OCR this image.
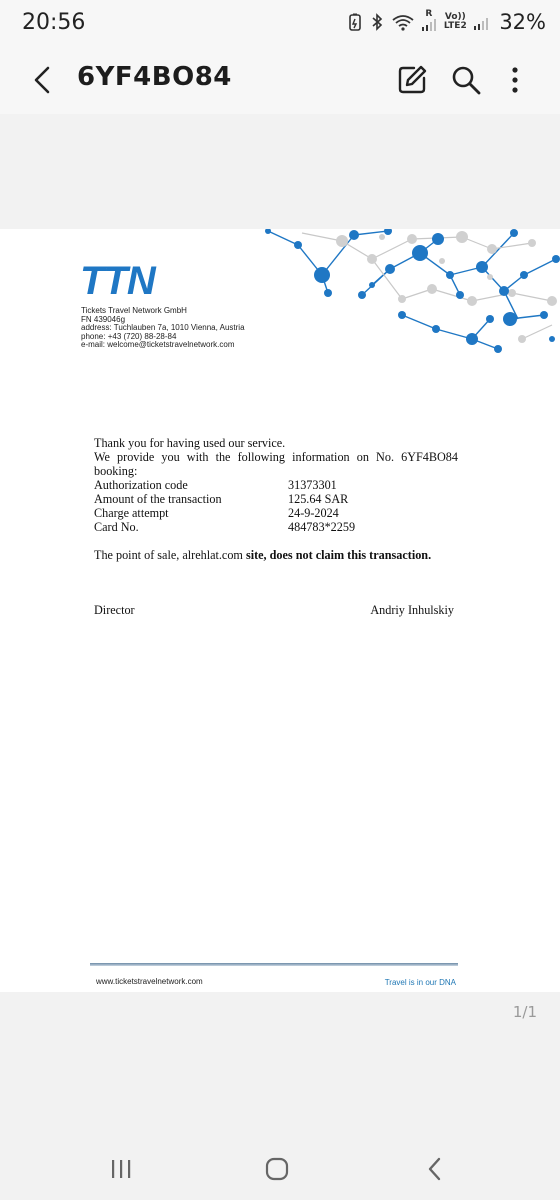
20:56	R Vo)) LTE2 32%
6YF4BO84
TTN
Tickets Travel Network GmbH
FN 439046g
address: Tuchlauben 7a, 1010 Vienna, Austria
phone: +43 (720) 88-28-84
e-mail: welcome@ticketstravelnetwork.com
Thank you for having used our service.
We provide you with the following information on No. 6YF4BO84
booking:
Authorization code	31373301
Amount of the transaction	125.64 SAR
Charge attempt	24-9-2024
Card No.	484783*2259
The point of sale, alrehlat.com site, does not claim this transaction.
Director	Andriy Inhulskiy
www.ticketstravelnetwork.com	Travel is in our DNA
1/1
